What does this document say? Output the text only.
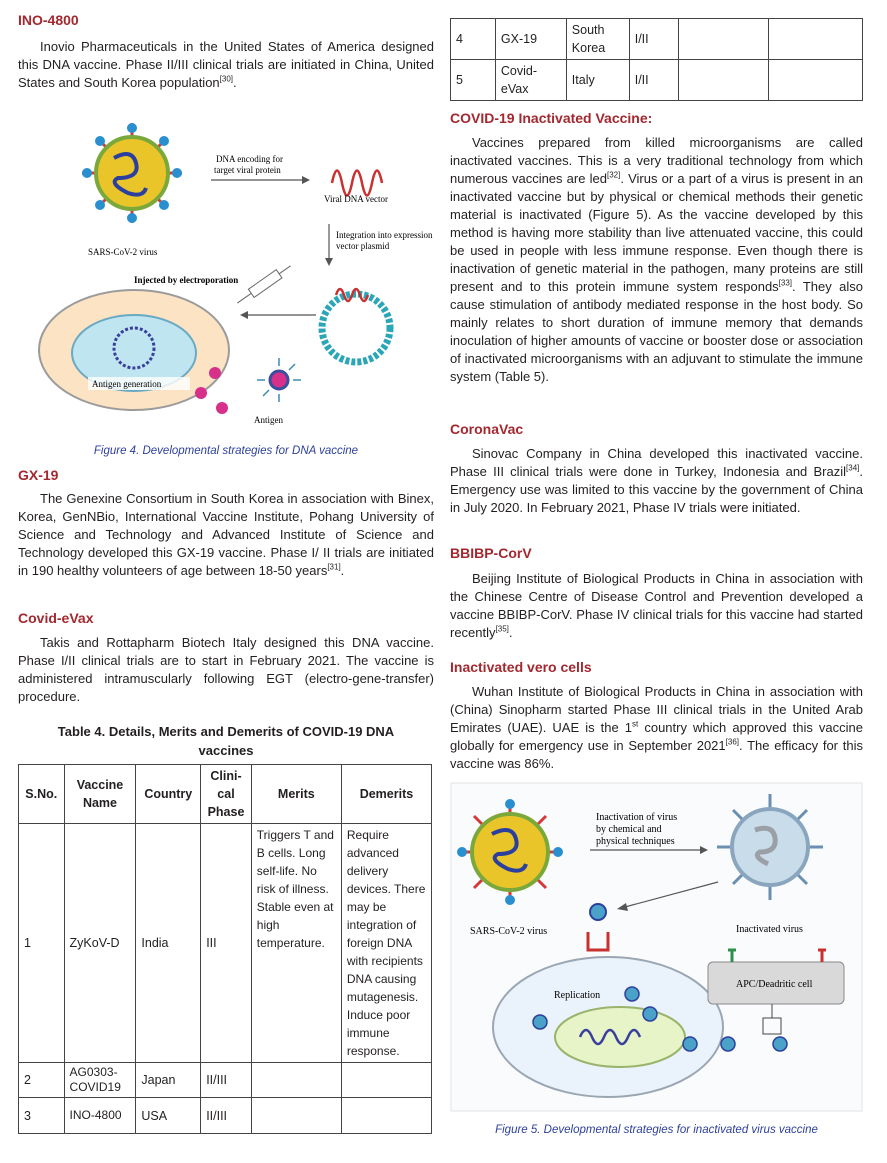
INO-4800

Inovio Pharmaceuticals in the United States of America designed this DNA vaccine. Phase II/III clinical trials are initiated in China, United States and South Korea population[30].

SARS-CoV-2 virus
DNA encoding for
target viral protein
Viral DNA vector
Integration into expression
vector plasmid
Injected by electroporation
Antigen generation
Antigen
Figure 4. Developmental strategies for DNA vaccine
GX-19

The Genexine Consortium in South Korea in association with Binex, Korea, GenNBio, International Vaccine Institute, Pohang University of Science and Technology and Advanced Institute of Science and Technology developed this GX-19 vaccine. Phase I/ II trials are initiated in 190 healthy volunteers of age between 18-50 years[31].

Covid-eVax

Takis and Rottapharm Biotech Italy designed this DNA vaccine. Phase I/II clinical trials are to start in February 2021. The vaccine is administered intramuscularly following EGT (electro-gene-transfer) procedure.

Table 4. Details, Merits and Demerits of COVID-19 DNA vaccines
S.No.	Vaccine Name	Country	Clini-cal Phase	Merits	Demerits
1	ZyKoV-D	India	III	Triggers T and B cells. Long self-life. No risk of illness. Stable even at high temperature.	Require advanced delivery devices. There may be integration of foreign DNA with recipients DNA causing mutagenesis. Induce poor immune response.
2	AG0303-COVID19	Japan	II/III		
3	INO-4800	USA	II/III		
4	GX-19	South Korea	I/II		
5	Covid-eVax	Italy	I/II		
COVID-19 Inactivated Vaccine:

Vaccines prepared from killed microorganisms are called inactivated vaccines. This is a very traditional technology from which numerous vaccines are led[32]. Virus or a part of a virus is present in an inactivated vaccine but by physical or chemical methods their genetic material is inactivated (Figure 5). As the vaccine developed by this method is having more stability than live attenuated vaccine, this could be used in people with less immune response. Even though there is inactivation of genetic material in the pathogen, many proteins are still present and to this protein immune system responds[33]. They also cause stimulation of antibody mediated response in the host body. So mainly relates to short duration of immune memory that demands inoculation of higher amounts of vaccine or booster dose or association of inactivated microorganisms with an adjuvant to stimulate the immune system (Table 5).

CoronaVac

Sinovac Company in China developed this inactivated vaccine. Phase III clinical trials were done in Turkey, Indonesia and Brazil[34]. Emergency use was limited to this vaccine by the government of China in July 2020. In February 2021, Phase IV trials were initiated.

BBIBP-CorV

Beijing Institute of Biological Products in China in association with the Chinese Centre of Disease Control and Prevention developed a vaccine BBIBP-CorV. Phase IV clinical trials for this vaccine had started recently[35].

Inactivated vero cells

Wuhan Institute of Biological Products in China in association with (China) Sinopharm started Phase III clinical trials in the United Arab Emirates (UAE). UAE is the 1st country which approved this vaccine globally for emergency use in September 2021[36]. The efficacy for this vaccine was 86%.

SARS-CoV-2 virus
Inactivation of virus
by chemical and
physical techniques
Inactivated virus
Replication
APC/Deadritic cell
Figure 5. Developmental strategies for inactivated virus vaccine
